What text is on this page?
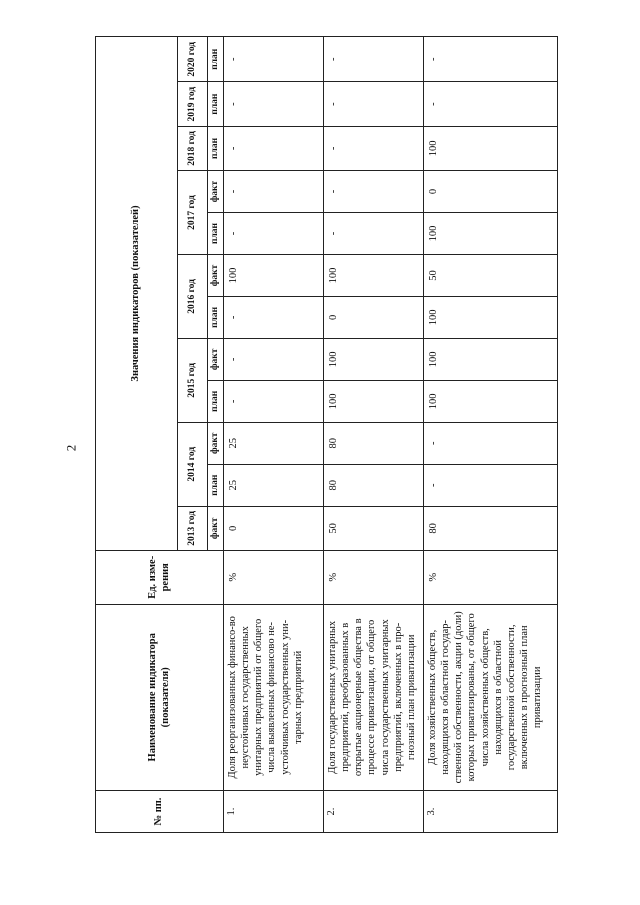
2
№ пп.	Наименование индикатора (показателя)	Ед. изме-рения	Значения индикаторов (показателей)											
			2013 год	2014 год		2015 год		2016 год		2017 год		2018 год	2019 год	2020 год
			факт	план	факт	план	факт	план	факт	план	факт	план	план	план
1.	Доля реорганизованных финансо-во неустойчивых государственных унитарных предприятий от общего числа выявленных финансово не-устойчивых государственных уни-тарных предприятий	%	0	25	25	-	-	-	100	-	-	-	-	-
2.	Доля государственных унитарных предприятий, преобразованных в открытые акционерные общества в процессе приватизации, от общего числа государственных унитарных предприятий, включенных в про-гнозный план приватизации	%	50	80	80	100	100	0	100	-	-	-	-	-
3.	Доля хозяйственных обществ, находящихся в областной государ-ственной собственности, акции (доли) которых приватизированы, от общего числа хозяйственных обществ, находящихся в областной государственной собственности, включенных в прогнозный план приватизации	%	80	-	-	100	100	100	50	100	0	100	-	-
